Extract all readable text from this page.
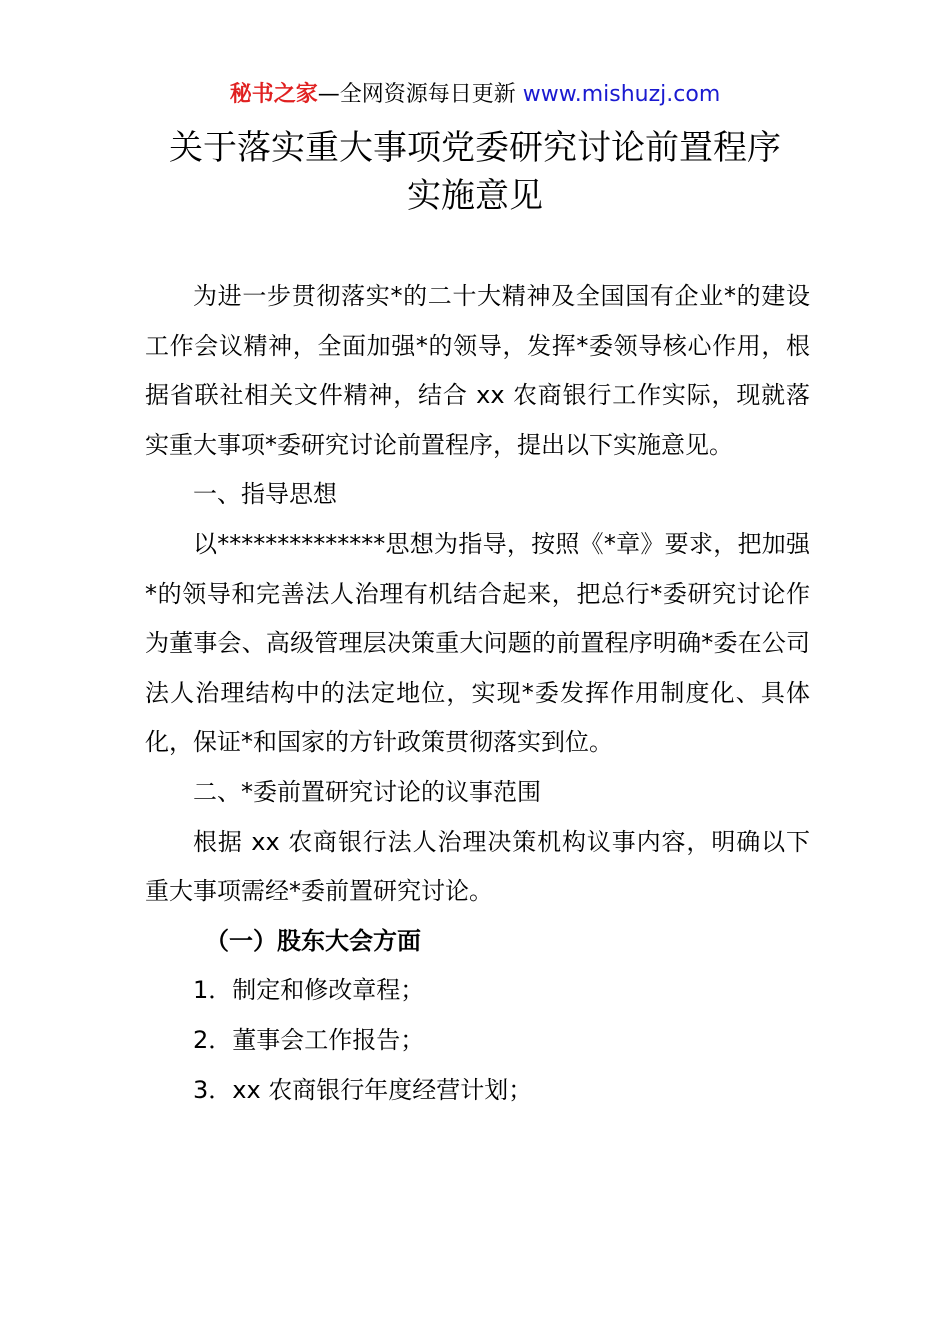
秘书之家—全网资源每日更新 www.mishuzj.com
关于落实重大事项党委研究讨论前置程序
实施意见

为进一步贯彻落实*的二十大精神及全国国有企业*的建设工作会议精神，全面加强*的领导，发挥*委领导核心作用，根据省联社相关文件精神，结合 xx 农商银行工作实际，现就落实重大事项*委研究讨论前置程序，提出以下实施意见。

一、指导思想

以**************思想为指导，按照《*章》要求，把加强*的领导和完善法人治理有机结合起来，把总行*委研究讨论作为董事会、高级管理层决策重大问题的前置程序明确*委在公司法人治理结构中的法定地位，实现*委发挥作用制度化、具体化，保证*和国家的方针政策贯彻落实到位。

二、*委前置研究讨论的议事范围

根据 xx 农商银行法人治理决策机构议事内容，明确以下重大事项需经*委前置研究讨论。

（一）股东大会方面

1．制定和修改章程；

2．董事会工作报告；

3．xx 农商银行年度经营计划；
